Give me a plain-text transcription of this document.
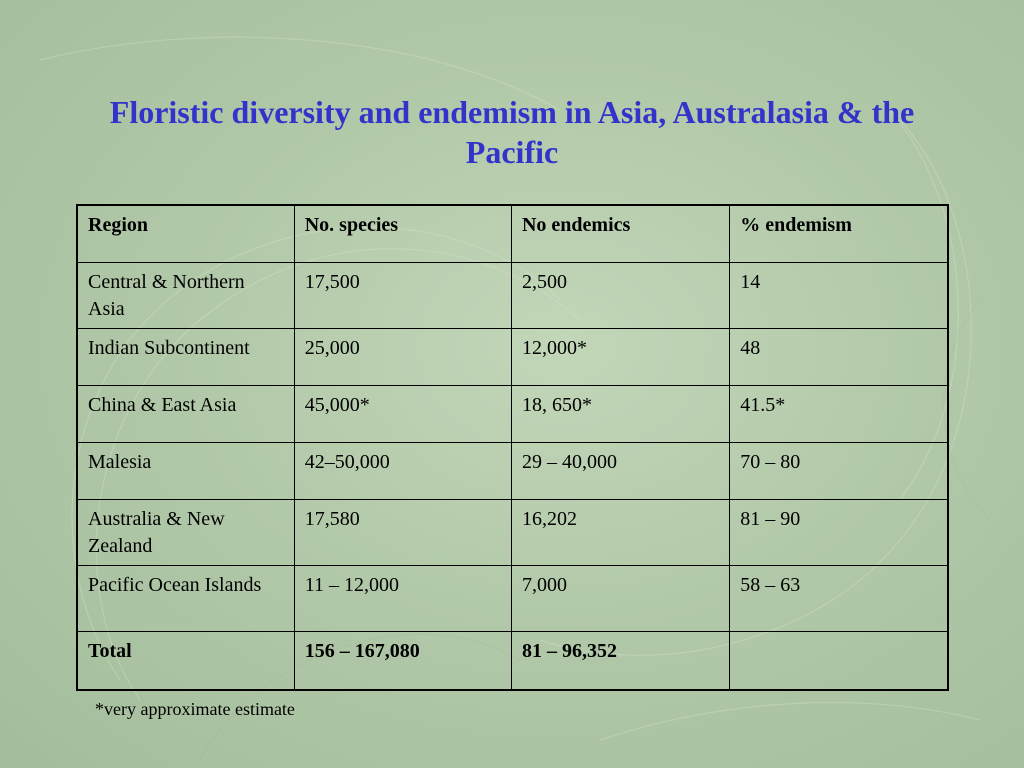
Floristic diversity and endemism in Asia, Australasia & the Pacific
Region	No. species	No endemics	% endemism
Central & Northern Asia	17,500	2,500	14
Indian Subcontinent	25,000	12,000*	48
China & East Asia	45,000*	18, 650*	41.5*
Malesia	42–50,000	29 – 40,000	70 – 80
Australia & New Zealand	17,580	16,202	81 – 90
Pacific Ocean Islands	11 – 12,000	7,000	58 – 63
Total	156 – 167,080	81 – 96,352	
*very approximate estimate
